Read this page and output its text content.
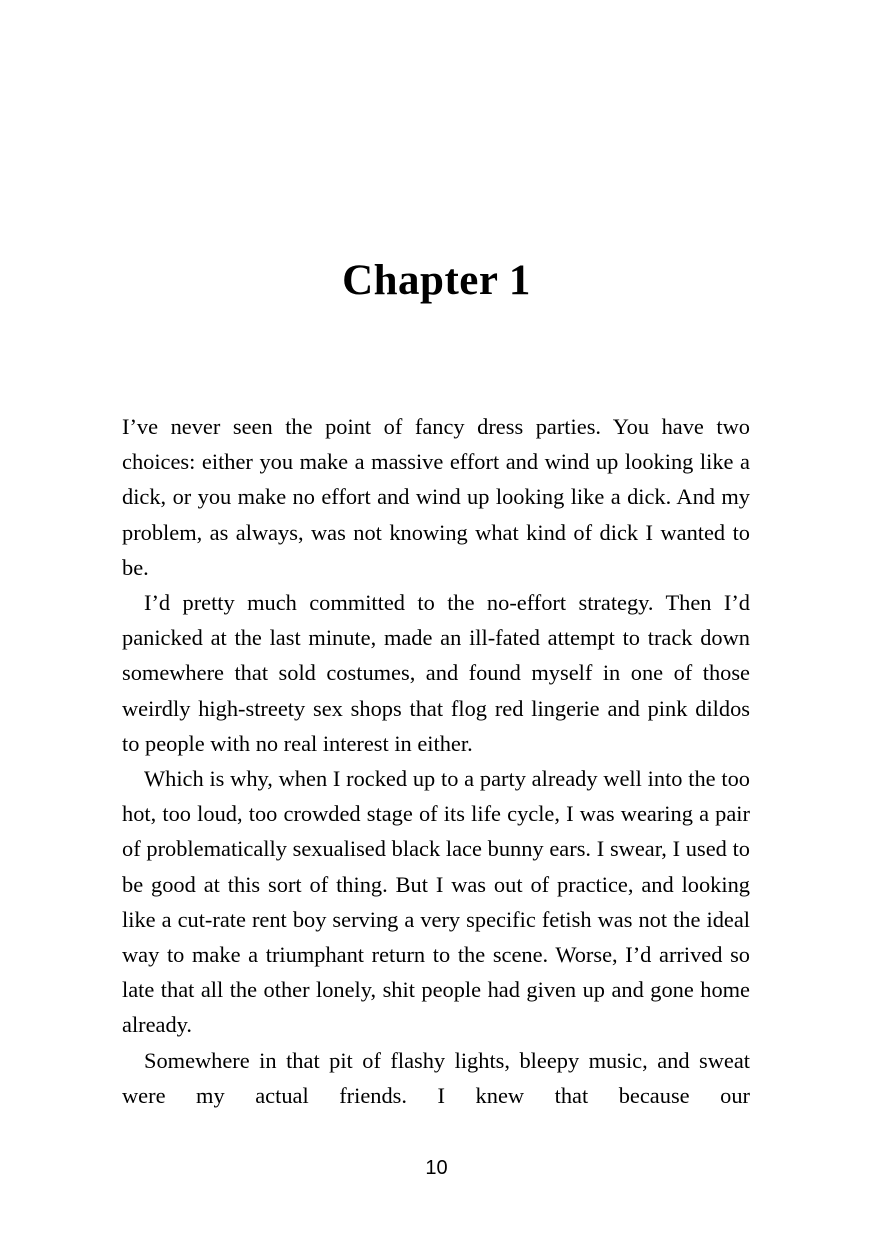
Chapter 1

I’ve never seen the point of fancy dress parties. You have two choices: either you make a massive effort and wind up looking like a dick, or you make no effort and wind up looking like a dick. And my problem, as always, was not knowing what kind of dick I wanted to be.

I’d pretty much committed to the no-effort strategy. Then I’d panicked at the last minute, made an ill-fated attempt to track down somewhere that sold costumes, and found myself in one of those weirdly high-streety sex shops that flog red lingerie and pink dildos to people with no real interest in either.

Which is why, when I rocked up to a party already well into the too hot, too loud, too crowded stage of its life cycle, I was wearing a pair of problematically sexualised black lace bunny ears. I swear, I used to be good at this sort of thing. But I was out of practice, and looking like a cut-rate rent boy serving a very specific fetish was not the ideal way to make a triumphant return to the scene. Worse, I’d arrived so late that all the other lonely, shit people had given up and gone home already.

Somewhere in that pit of flashy lights, bleepy music, and sweat were my actual friends. I knew that because our

10
